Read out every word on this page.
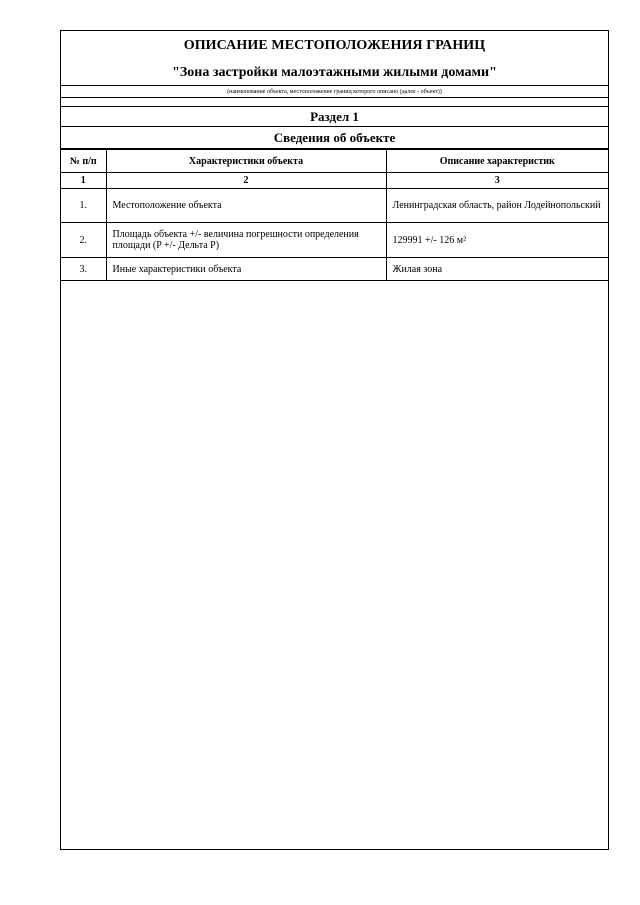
ОПИСАНИЕ МЕСТОПОЛОЖЕНИЯ ГРАНИЦ
"Зона застройки малоэтажными жилыми домами"
(наименование объекта, местоположение границ которого описано (далее - объект))
Раздел 1
Сведения об объекте
№ п/п	Характеристики объекта	Описание характеристик
1	2	3
1.	Местоположение объекта	Ленинградская область, район Лодейнопольский
2.	Площадь объекта +/- величина погрешности определения площади (P +/- Дельта P)	129991 +/- 126 м²
3.	Иные характеристики объекта	Жилая зона
